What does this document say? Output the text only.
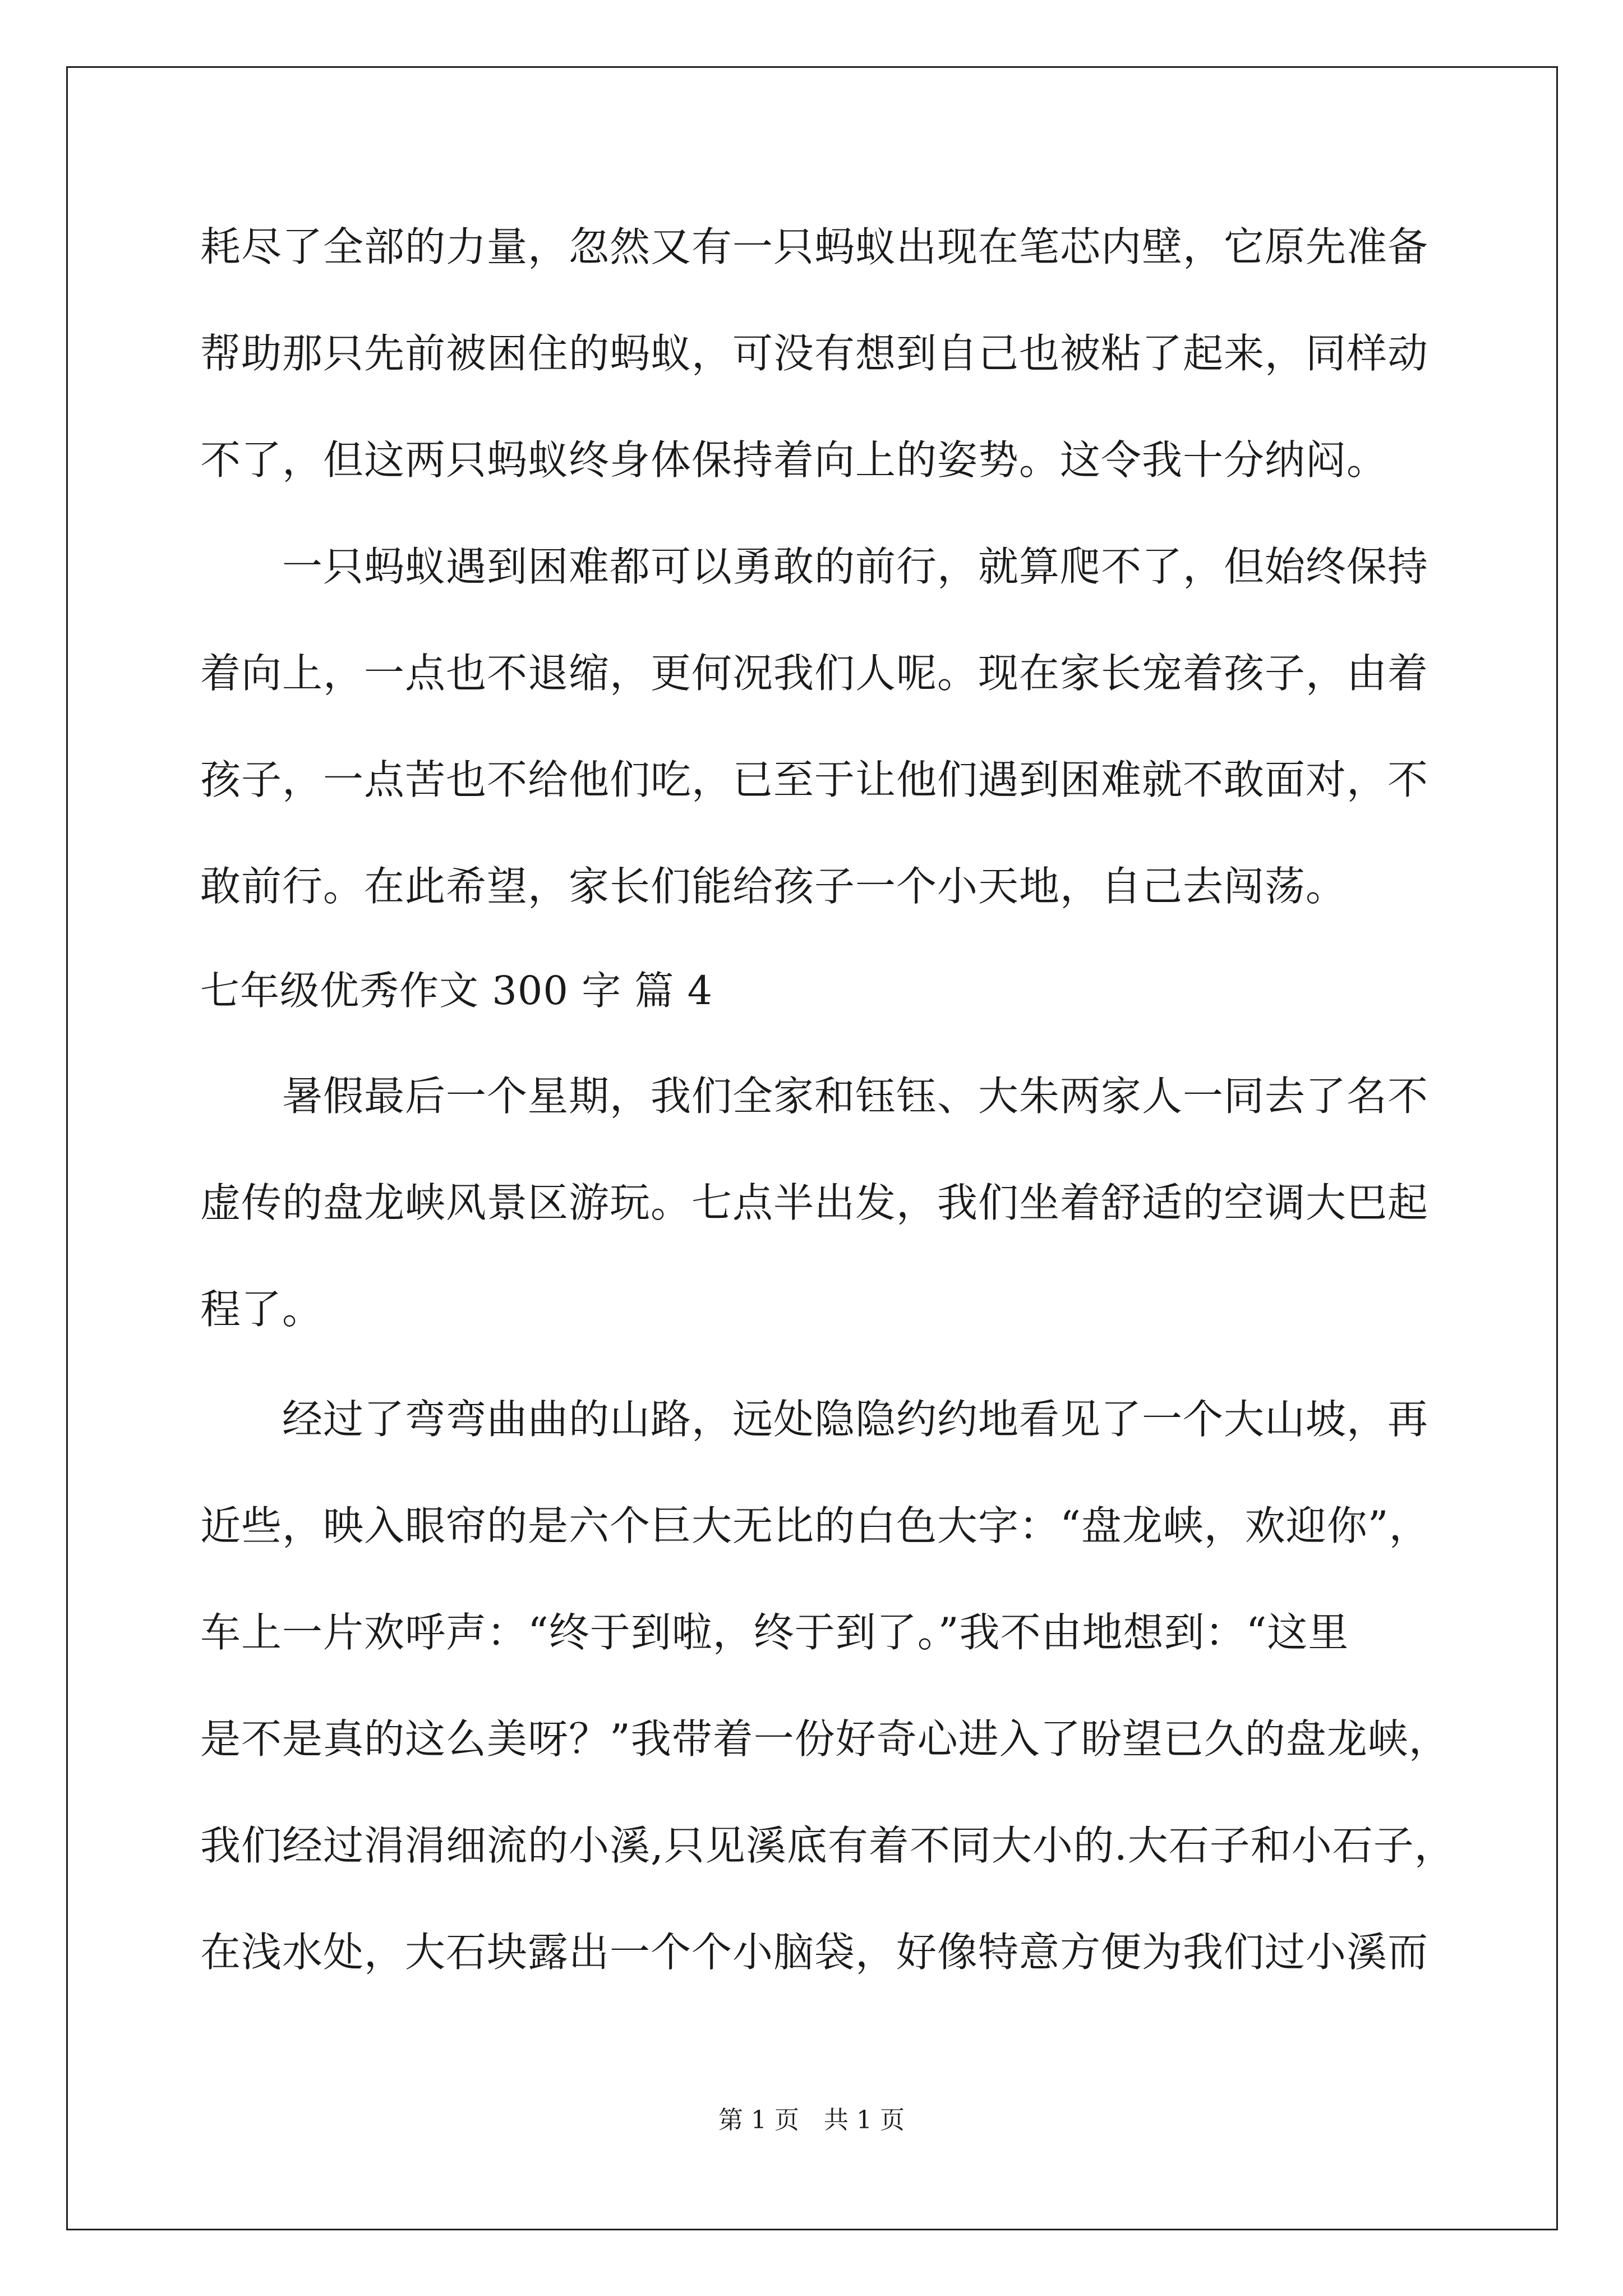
耗尽了全部的力量，忽然又有一只蚂蚁出现在笔芯内壁，它原先准备
帮助那只先前被困住的蚂蚁，可没有想到自己也被粘了起来，同样动
不了，但这两只蚂蚁终身体保持着向上的姿势。这令我十分纳闷。
　　一只蚂蚁遇到困难都可以勇敢的前行，就算爬不了，但始终保持
着向上，一点也不退缩，更何况我们人呢。现在家长宠着孩子，由着
孩子，一点苦也不给他们吃，已至于让他们遇到困难就不敢面对，不
敢前行。在此希望，家长们能给孩子一个小天地，自己去闯荡。
七年级优秀作文 300 字 篇 4
　　暑假最后一个星期，我们全家和钰钰、大朱两家人一同去了名不
虚传的盘龙峡风景区游玩。七点半出发，我们坐着舒适的空调大巴起
程了。
　　经过了弯弯曲曲的山路，远处隐隐约约地看见了一个大山坡，再
近些，映入眼帘的是六个巨大无比的白色大字：“盘龙峡，欢迎你”，
车上一片欢呼声：“终于到啦，终于到了。”我不由地想到：“这里
是不是真的这么美呀？”我带着一份好奇心进入了盼望已久的盘龙峡，
我们经过涓涓细流的小溪,只见溪底有着不同大小的.大石子和小石子，
在浅水处，大石块露出一个个小脑袋，好像特意方便为我们过小溪而
第 1 页　共 1 页
